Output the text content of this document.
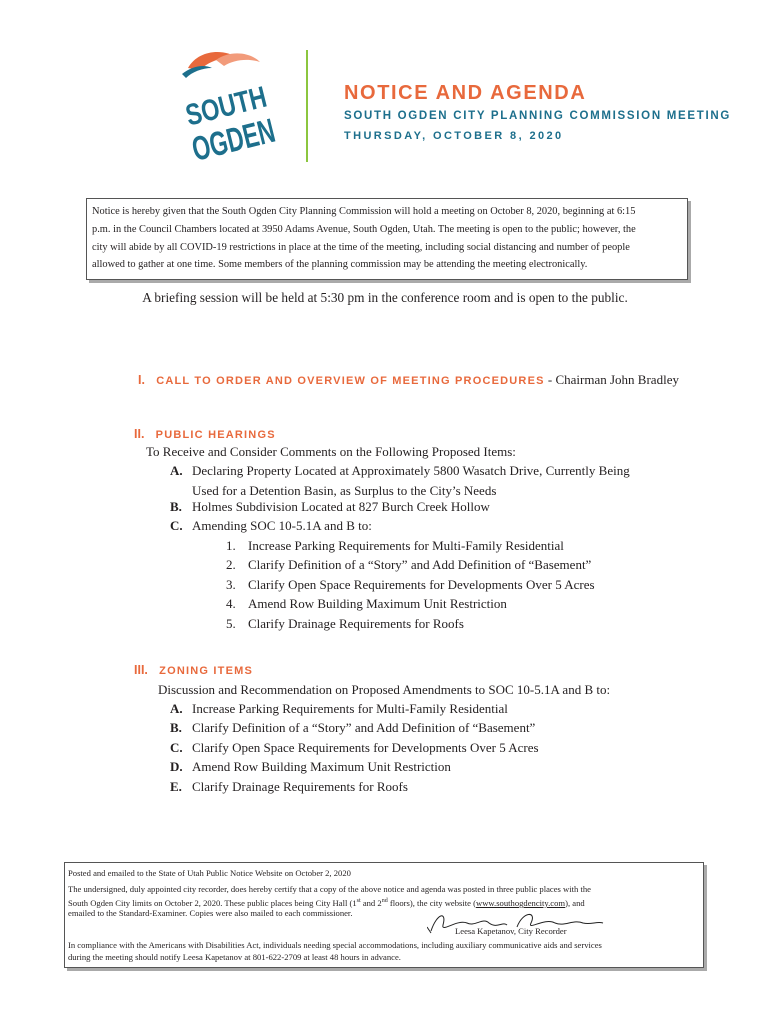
SOUTH
OGDEN
NOTICE AND AGENDA
SOUTH OGDEN CITY PLANNING COMMISSION MEETING
THURSDAY, OCTOBER 8, 2020
Notice is hereby given that the South Ogden City Planning Commission will hold a meeting on October 8, 2020, beginning at 6:15
p.m. in the Council Chambers located at 3950 Adams Avenue, South Ogden, Utah. The meeting is open to the public; however, the
city will abide by all COVID-19 restrictions in place at the time of the meeting, including social distancing and number of people
allowed to gather at one time. Some members of the planning commission may be attending the meeting electronically.
A briefing session will be held at 5:30 pm in the conference room and is open to the public.
I. CALL TO ORDER AND OVERVIEW OF MEETING PROCEDURES - Chairman John Bradley
II. PUBLIC HEARINGS
To Receive and Consider Comments on the Following Proposed Items:
A. Declaring Property Located at Approximately 5800 Wasatch Drive, Currently Being
Used for a Detention Basin, as Surplus to the City’s Needs
B. Holmes Subdivision Located at 827 Burch Creek Hollow
C. Amending SOC 10-5.1A and B to:
1. Increase Parking Requirements for Multi-Family Residential
2. Clarify Definition of a “Story” and Add Definition of “Basement”
3. Clarify Open Space Requirements for Developments Over 5 Acres
4. Amend Row Building Maximum Unit Restriction
5. Clarify Drainage Requirements for Roofs
III. ZONING ITEMS
Discussion and Recommendation on Proposed Amendments to SOC 10-5.1A and B to:
A. Increase Parking Requirements for Multi-Family Residential
B. Clarify Definition of a “Story” and Add Definition of “Basement”
C. Clarify Open Space Requirements for Developments Over 5 Acres
D. Amend Row Building Maximum Unit Restriction
E. Clarify Drainage Requirements for Roofs
Posted and emailed to the State of Utah Public Notice Website on October 2, 2020
The undersigned, duly appointed city recorder, does hereby certify that a copy of the above notice and agenda was posted in three public places with the
South Ogden City limits on October 2, 2020. These public places being City Hall (1st and 2nd floors), the city website (www.southogdencity.com), and
emailed to the Standard-Examiner. Copies were also mailed to each commissioner.
Leesa Kapetanov, City Recorder
In compliance with the Americans with Disabilities Act, individuals needing special accommodations, including auxiliary communicative aids and services
during the meeting should notify Leesa Kapetanov at 801-622-2709 at least 48 hours in advance.
